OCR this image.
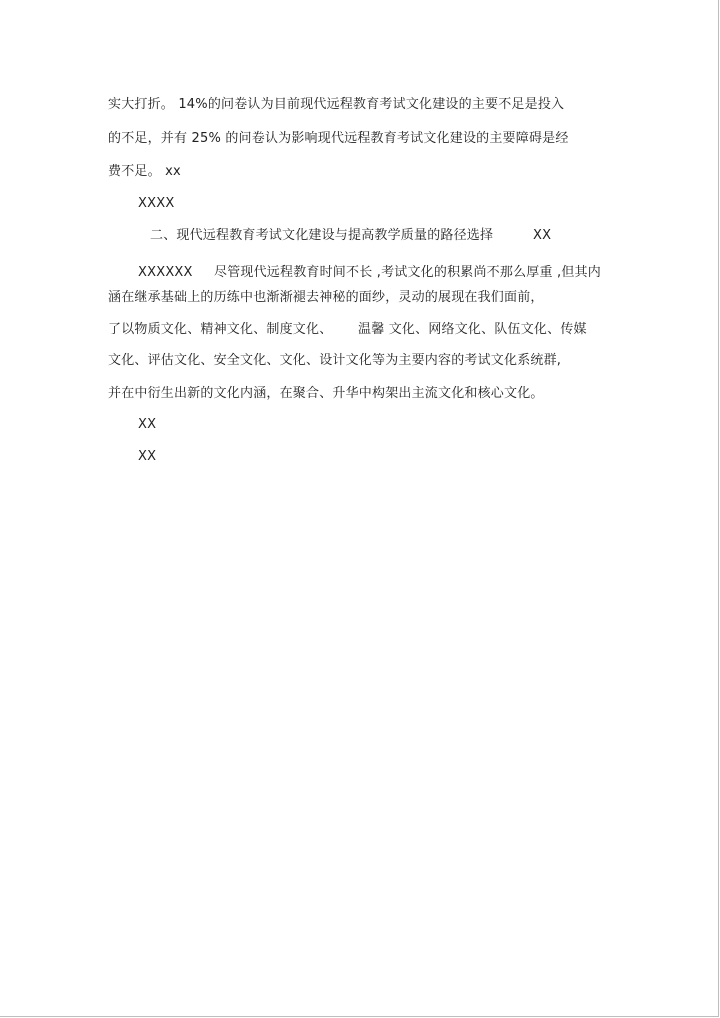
实大打折。 14%的问卷认为目前现代远程教育考试文化建设的主要不足是投入
的不足，并有 25% 的问卷认为影响现代远程教育考试文化建设的主要障碍是经
费不足。 xx
XXXX
二、现代远程教育考试文化建设与提高教学质量的路径选择	XX
XXXXXX 尽管现代远程教育时间不长 ,考试文化的积累尚不那么厚重 ,但其内
涵在继承基础上的历练中也渐渐褪去神秘的面纱，灵动的展现在我们面前，
了以物质文化、精神文化、制度文化、 温馨 文化、网络文化、队伍文化、传媒
文化、评估文化、安全文化、文化、设计文化等为主要内容的考试文化系统群,
并在中衍生出新的文化内涵，在聚合、升华中构架出主流文化和核心文化。
XX
XX
